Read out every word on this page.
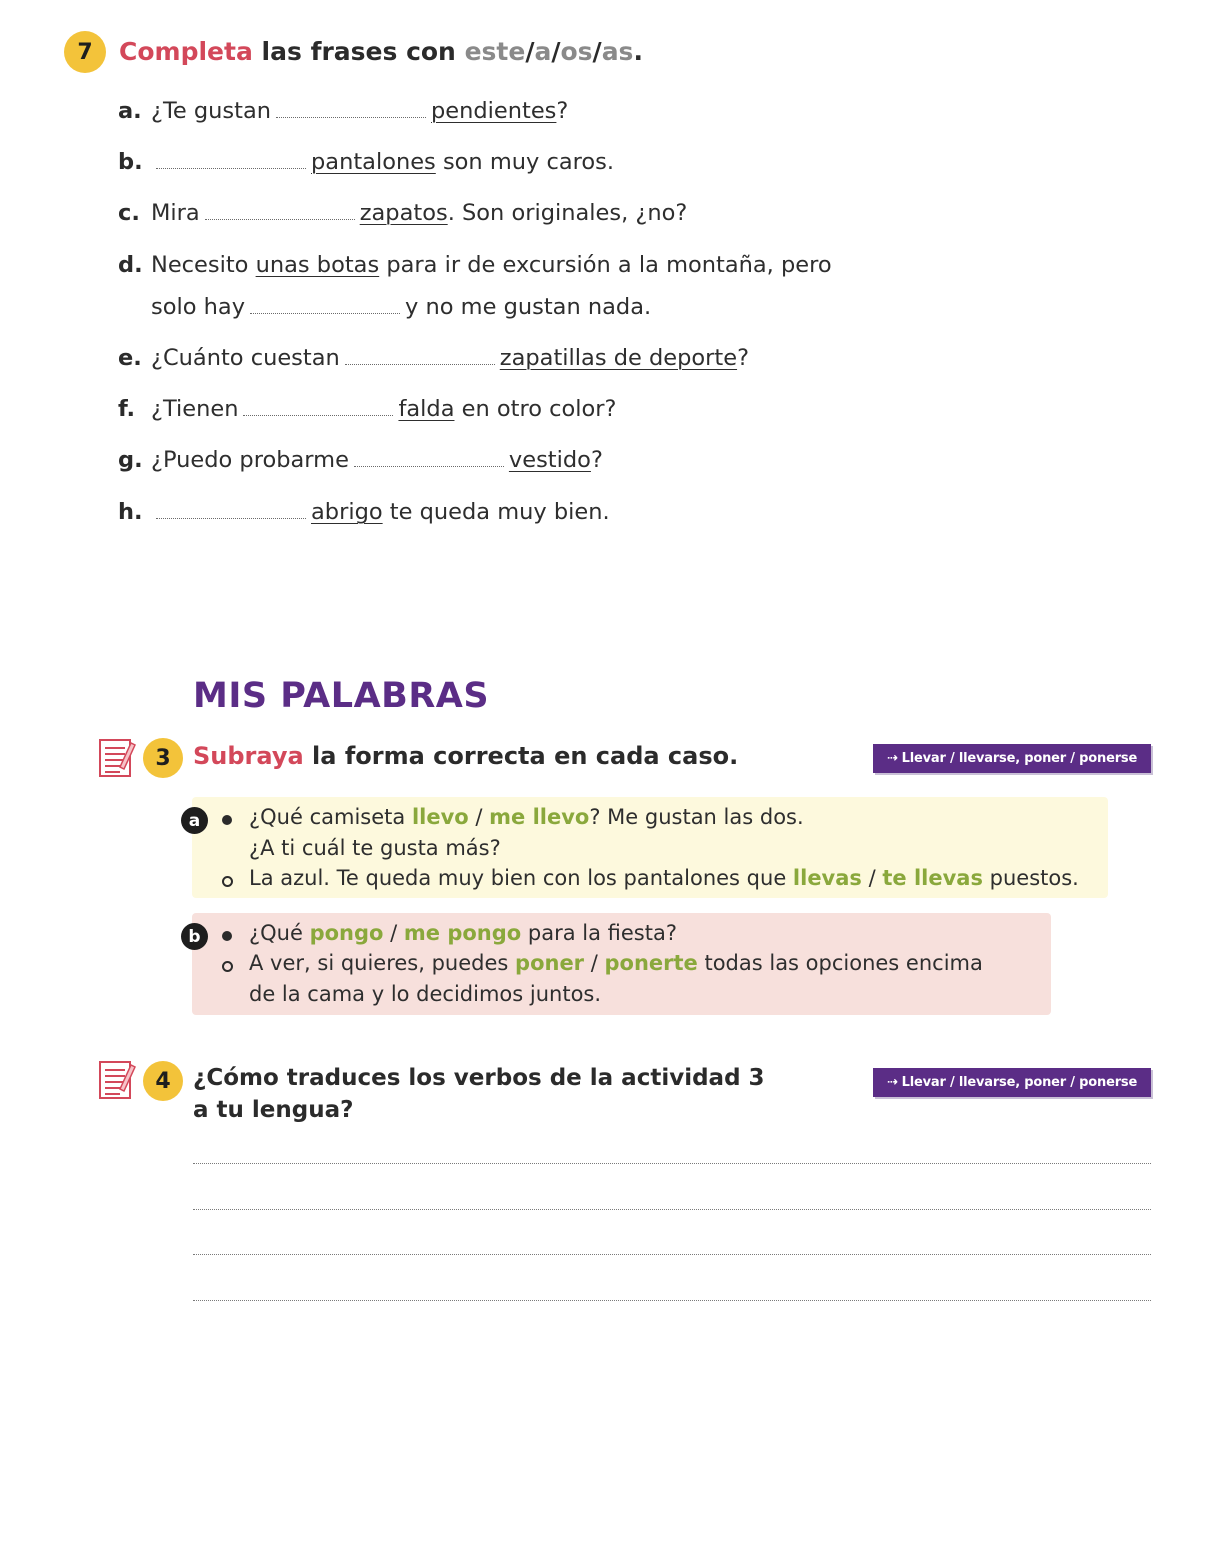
7 Completa las frases con este/a/os/as.
a. ¿Te gustan	pendientes?
b.	pantalones son muy caros.
c. Mira	zapatos. Son originales, ¿no?
d. Necesito unas botas para ir de excursión a la montaña, pero
solo hay	y no me gustan nada.
e. ¿Cuánto cuestan	zapatillas de deporte?
f. ¿Tienen	falda en otro color?
g. ¿Puedo probarme	vestido?
h.	abrigo te queda muy bien.
MIS PALABRAS
3 Subraya la forma correcta en cada caso.	⇢ Llevar / llevarse, poner / ponerse
a ¿Qué camiseta llevo / me llevo? Me gustan las dos.
¿A ti cuál te gusta más?
La azul. Te queda muy bien con los pantalones que llevas / te llevas puestos.
b ¿Qué pongo / me pongo para la fiesta?
A ver, si quieres, puedes poner / ponerte todas las opciones encima
de la cama y lo decidimos juntos.
4 ¿Cómo traduces los verbos de la actividad 3
a tu lengua?
⇢ Llevar / llevarse, poner / ponerse
